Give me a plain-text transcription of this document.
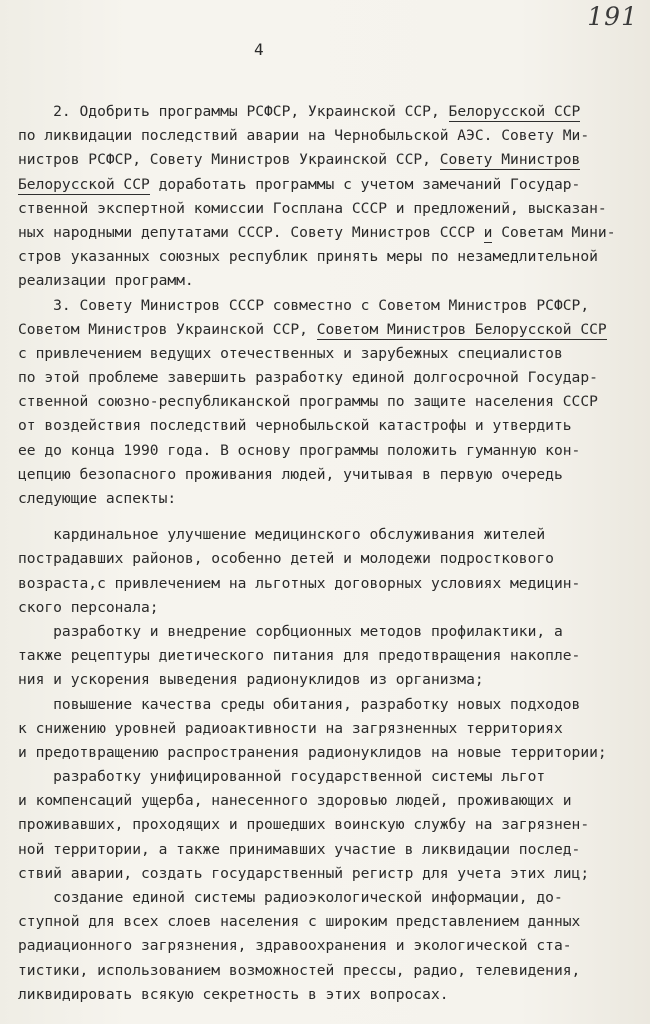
191
4
2. Одобрить программы РСФСР, Украинской ССР, Белорусской ССР
по ликвидации последствий аварии на Чернобыльской АЭС. Совету Ми-
нистров РСФСР, Совету Министров Украинской ССР, Совету Министров
Белорусской ССР доработать программы с учетом замечаний Государ-
ственной экспертной комиссии Госплана СССР и предложений, высказан-
ных народными депутатами СССР. Совету Министров СССР и Советам Мини-
стров указанных союзных республик принять меры по незамедлительной
реализации программ.
3. Совету Министров СССР совместно с Советом Министров РСФСР,
Советом Министров Украинской ССР, Советом Министров Белорусской ССР
с привлечением ведущих отечественных и зарубежных специалистов
по этой проблеме завершить разработку единой долгосрочной Государ-
ственной союзно-республиканской программы по защите населения СССР
от воздействия последствий чернобыльской катастрофы и утвердить
ее до конца 1990 года. В основу программы положить гуманную кон-
цепцию безопасного проживания людей, учитывая в первую очередь
следующие аспекты:
кардинальное улучшение медицинского обслуживания жителей
пострадавших районов, особенно детей и молодежи подросткового
возраста,с привлечением на льготных договорных условиях медицин-
ского персонала;
разработку и внедрение сорбционных методов профилактики, а
также рецептуры диетического питания для предотвращения накопле-
ния и ускорения выведения радионуклидов из организма;
повышение качества среды обитания, разработку новых подходов
к снижению уровней радиоактивности на загрязненных территориях
и предотвращению распространения радионуклидов на новые территории;
разработку унифицированной государственной системы льгот
и компенсаций ущерба, нанесенного здоровью людей, проживающих и
проживавших, проходящих и прошедших воинскую службу на загрязнен-
ной территории, а также принимавших участие в ликвидации послед-
ствий аварии, создать государственный регистр для учета этих лиц;
создание единой системы радиоэкологической информации, до-
ступной для всех слоев населения с широким представлением данных
радиационного загрязнения, здравоохранения и экологической ста-
тистики, использованием возможностей прессы, радио, телевидения,
ликвидировать всякую секретность в этих вопросах.
